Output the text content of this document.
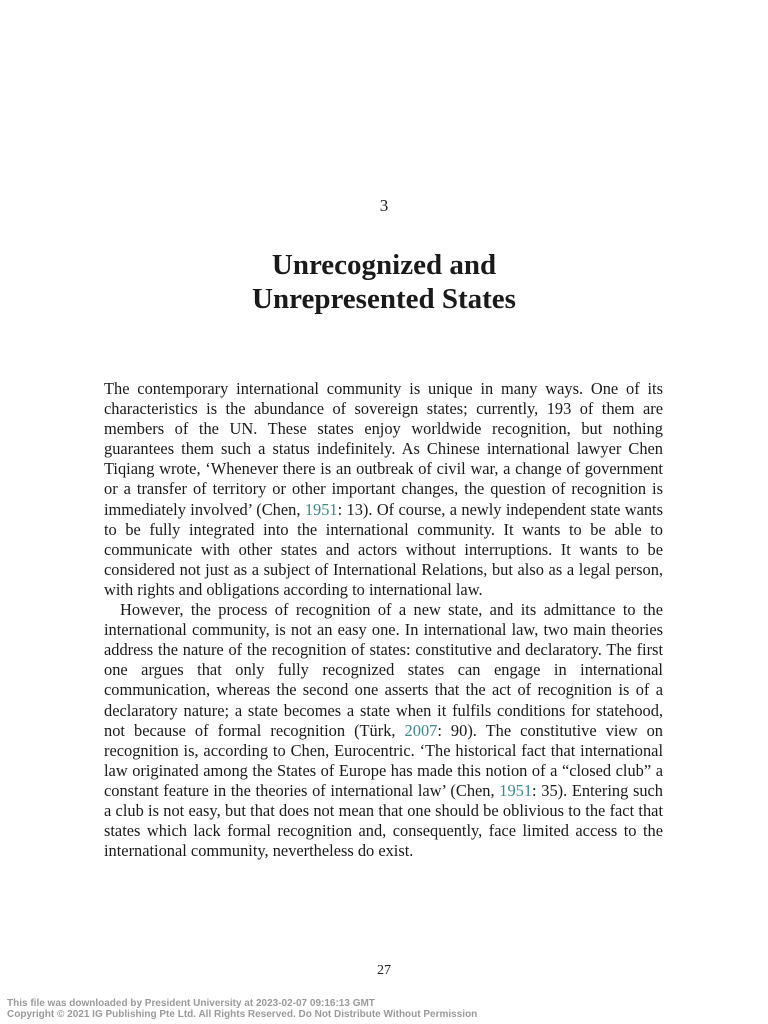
3
Unrecognized and
Unrepresented States

The contemporary international community is unique in many ways. One of its characteristics is the abundance of sovereign states; currently, 193 of them are members of the UN. These states enjoy worldwide recognition, but nothing guarantees them such a status indefinitely. As Chinese international lawyer Chen Tiqiang wrote, ‘Whenever there is an outbreak of civil war, a change of government or a transfer of territory or other important changes, the question of recognition is immediately involved’ (Chen, 1951: 13). Of course, a newly independent state wants to be fully integrated into the international community. It wants to be able to communicate with other states and actors without interruptions. It wants to be considered not just as a subject of International Relations, but also as a legal person, with rights and obligations according to international law.

However, the process of recognition of a new state, and its admittance to the international community, is not an easy one. In international law, two main theories address the nature of the recognition of states: constitutive and declaratory. The first one argues that only fully recognized states can engage in international communication, whereas the second one asserts that the act of recognition is of a declaratory nature; a state becomes a state when it fulfils conditions for statehood, not because of formal recognition (Türk, 2007: 90). The constitutive view on recognition is, according to Chen, Eurocentric. ‘The historical fact that international law originated among the States of Europe has made this notion of a “closed club” a constant feature in the theories of international law’ (Chen, 1951: 35). Entering such a club is not easy, but that does not mean that one should be oblivious to the fact that states which lack formal recognition and, consequently, face limited access to the international community, nevertheless do exist.

27
This file was downloaded by President University at 2023-02-07 09:16:13 GMT
Copyright © 2021 IG Publishing Pte Ltd. All Rights Reserved. Do Not Distribute Without Permission
